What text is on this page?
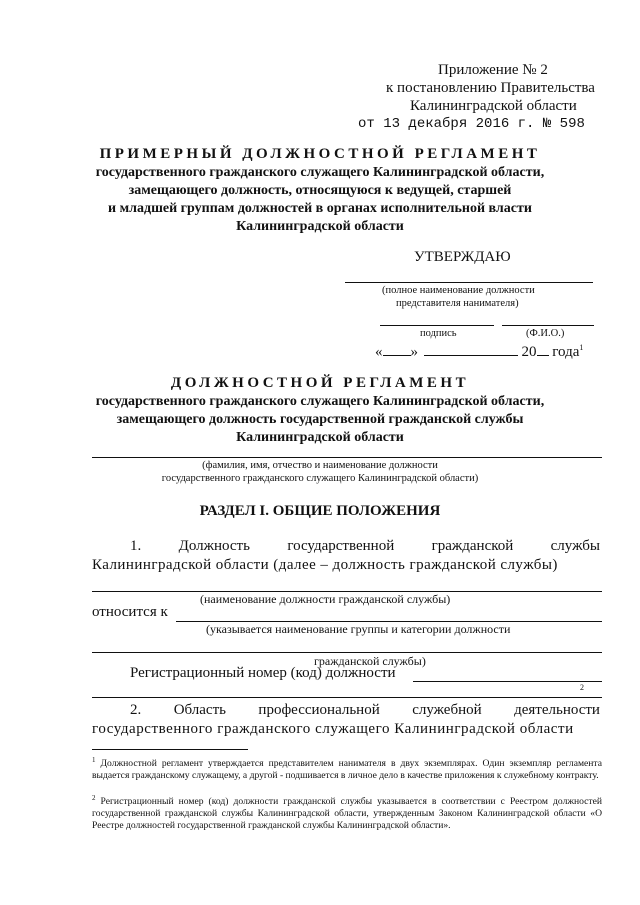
Приложение № 2
к постановлению Правительства
Калининградской области
от 13 декабря 2016 г. № 598
ПРИМЕРНЫЙ ДОЛЖНОСТНОЙ РЕГЛАМЕНТ
государственного гражданского служащего Калининградской области,
замещающего должность, относящуюся к ведущей, старшей
и младшей группам должностей в органах исполнительной власти
Калининградской области
УТВЕРЖДАЮ
(полное наименование должности
представителя нанимателя)
подпись	(Ф.И.О.)
« »	20 года$^1$
ДОЛЖНОСТНОЙ РЕГЛАМЕНТ
государственного гражданского служащего Калининградской области,
замещающего должность государственной гражданской службы
Калининградской области
(фамилия, имя, отчество и наименование должности
государственного гражданского служащего Калининградской области)
РАЗДЕЛ I. ОБЩИЕ ПОЛОЖЕНИЯ
1. Должность государственной гражданской службы
Калининградской области (далее – должность гражданской службы)
(наименование должности гражданской службы)
относится к
(указывается наименование группы и категории должности
гражданской службы)
Регистрационный номер (код) должности
2
2. Область профессиональной служебной деятельности
государственного гражданского служащего Калининградской области
$^1$ Должностной регламент утверждается представителем нанимателя в двух экземплярах. Один экземпляр регламента выдается гражданскому служащему, а другой - подшивается в личное дело в качестве приложения к служебному контракту.
$^2$ Регистрационный номер (код) должности гражданской службы указывается в соответствии с Реестром должностей государственной гражданской службы Калининградской области, утвержденным Законом Калининградской области «О Реестре должностей государственной гражданской службы Калининградской области».
